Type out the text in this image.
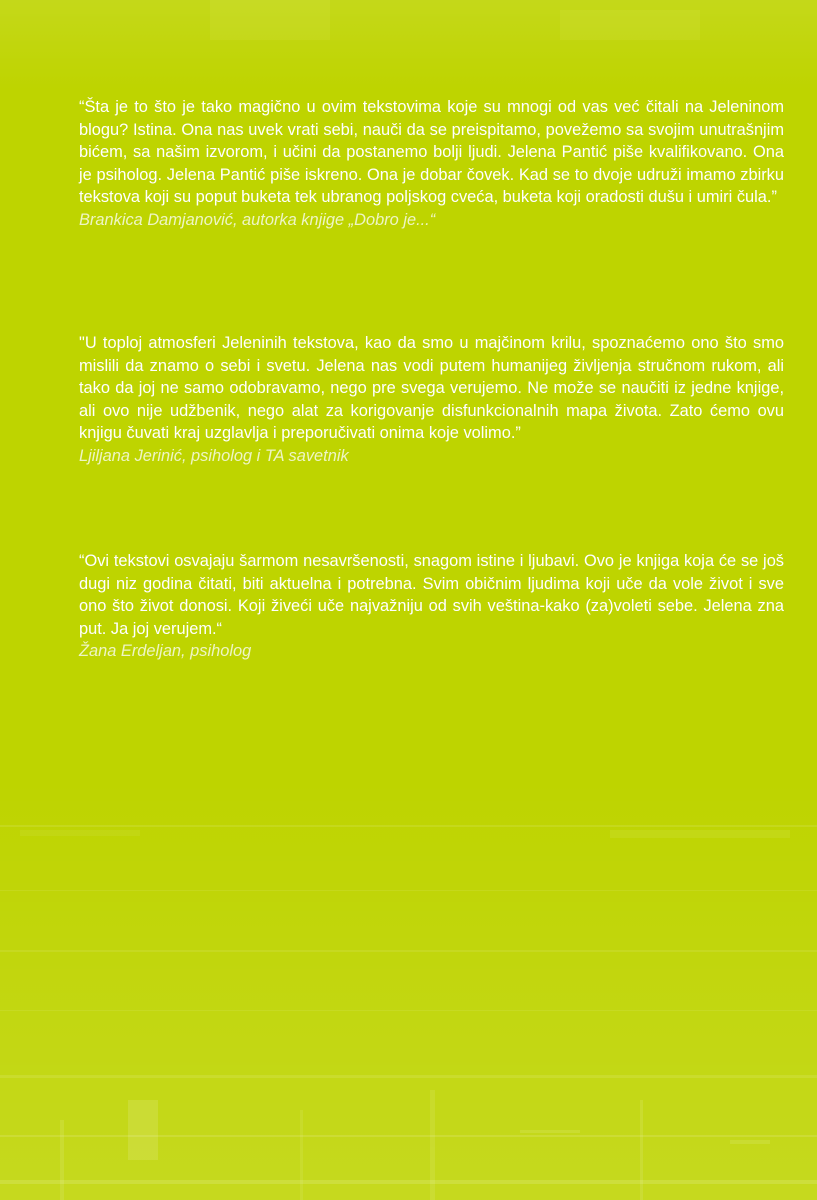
“Šta je to što je tako magično u ovim tekstovima koje su mnogi od vas već čitali na Jeleninom blogu? Istina. Ona nas uvek vrati sebi, nauči da se preispitamo, povežemo sa svojim unutrašnjim bićem, sa našim izvorom, i učini da postanemo bolji ljudi. Jelena Pantić piše kvalifikovano. Ona je psiholog. Jelena Pantić piše iskreno. Ona je dobar čovek. Kad se to dvoje udruži imamo zbirku tekstova koji su poput buketa tek ubranog poljskog cveća, buketa koji oradosti dušu i umiri čula.”

Brankica Damjanović, autorka knjige „Dobro je...“

"U toploj atmosferi Jeleninih tekstova, kao da smo u majčinom krilu, spoznaćemo ono što smo mislili da znamo o sebi i svetu. Jelena nas vodi putem humanijeg življenja stručnom rukom, ali tako da joj ne samo odobravamo, nego pre svega verujemo. Ne može se naučiti iz jedne knjige, ali ovo nije udžbenik, nego alat za korigovanje disfunkcionalnih mapa života. Zato ćemo ovu knjigu čuvati kraj uzglavlja i preporučivati onima koje volimo.”

Ljiljana Jerinić, psiholog i TA savetnik

“Ovi tekstovi osvajaju šarmom nesavršenosti, snagom istine i ljubavi. Ovo je knjiga koja će se još dugi niz godina čitati, biti aktuelna i potrebna. Svim običnim ljudima koji uče da vole život i sve ono što život donosi. Koji živeći uče najvažniju od svih veština-kako (za)voleti sebe. Jelena zna put. Ja joj verujem.“

Žana Erdeljan, psiholog
